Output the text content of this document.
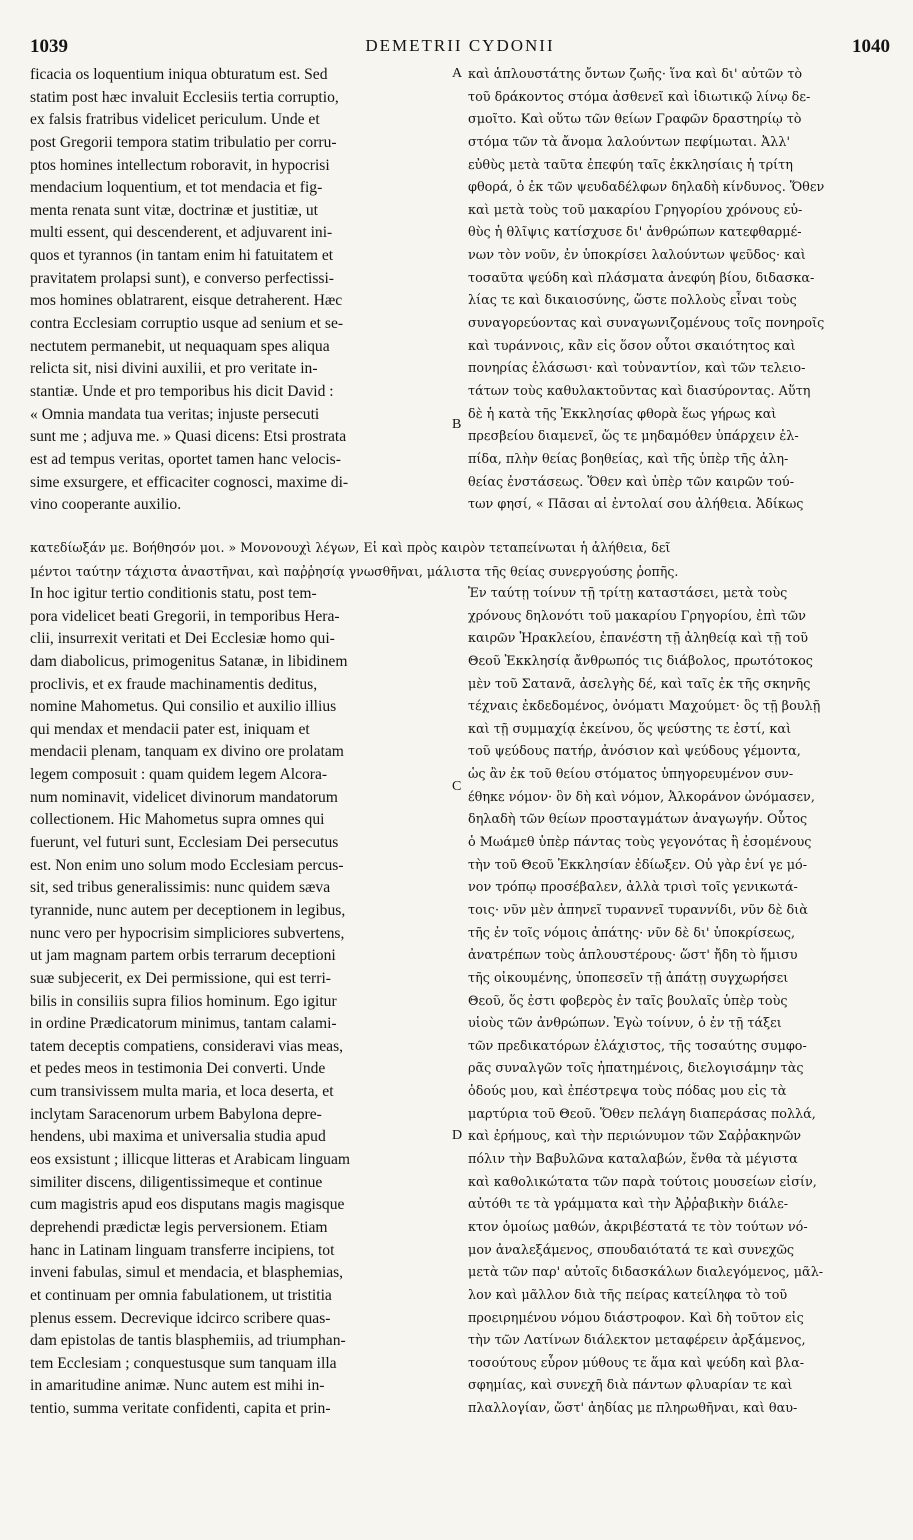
1039	DEMETRII CYDONII	1040
ficacia os loquentium iniqua obturatum est. Sed
statim post hæc invaluit Ecclesiis tertia corruptio,
ex falsis fratribus videlicet periculum. Unde et
post Gregorii tempora statim tribulatio per corru-
ptos homines intellectum roboravit, in hypocrisi
mendacium loquentium, et tot mendacia et fig-
menta renata sunt vitæ, doctrinæ et justitiæ, ut
multi essent, qui descenderent, et adjuvarent ini-
quos et tyrannos (in tantam enim hi fatuitatem et
pravitatem prolapsi sunt), e converso perfectissi-
mos homines oblatrarent, eisque detraherent. Hæc
contra Ecclesiam corruptio usque ad senium et se-
nectutem permanebit, ut nequaquam spes aliqua
relicta sit, nisi divini auxilii, et pro veritate in-
stantiæ. Unde et pro temporibus his dicit David :
« Omnia mandata tua veritas; injuste persecuti
sunt me ; adjuva me. » Quasi dicens: Etsi prostrata
est ad tempus veritas, oportet tamen hanc velocis-
sime exsurgere, et efficaciter cognosci, maxime di-
vino cooperante auxilio.
καὶ ἁπλουστάτης ὄντων ζωῆς· ἵνα καὶ δι' αὐτῶν τὸ
τοῦ δράκοντος στόμα ἀσθενεῖ καὶ ἰδιωτικῷ λίνῳ δε-
σμοῖτο. Καὶ οὕτω τῶν θείων Γραφῶν δραστηρίῳ τὸ
στόμα τῶν τὰ ἄνομα λαλούντων πεφίμωται. Ἀλλ'
εὐθὺς μετὰ ταῦτα ἐπεφύη ταῖς ἐκκλησίαις ἡ τρίτη
φθορά, ὁ ἐκ τῶν ψευδαδέλφων δηλαδὴ κίνδυνος. Ὅθεν
καὶ μετὰ τοὺς τοῦ μακαρίου Γρηγορίου χρόνους εὐ-
θὺς ἡ θλῖψις κατίσχυσε δι' ἀνθρώπων κατεφθαρμέ-
νων τὸν νοῦν, ἐν ὑποκρίσει λαλούντων ψεῦδος· καὶ
τοσαῦτα ψεύδη καὶ πλάσματα ἀνεφύη βίου, διδασκα-
λίας τε καὶ δικαιοσύνης, ὥστε πολλοὺς εἶναι τοὺς
συναγορεύοντας καὶ συναγωνιζομένους τοῖς πονηροῖς
καὶ τυράννοις, κἂν εἰς ὅσον οὗτοι σκαιότητος καὶ
πονηρίας ἐλάσωσι· καὶ τοὐναντίον, καὶ τῶν τελειο-
τάτων τοὺς καθυλακτοῦντας καὶ διασύροντας. Αὕτη
δὲ ἡ κατὰ τῆς Ἐκκλησίας φθορὰ ἕως γήρως καὶ
πρεσβείου διαμενεῖ, ὥς τε μηδαμόθεν ὑπάρχειν ἐλ-
πίδα, πλὴν θείας βοηθείας, καὶ τῆς ὑπὲρ τῆς ἀλη-
θείας ἐνστάσεως. Ὅθεν καὶ ὑπὲρ τῶν καιρῶν τού-
των φησί, « Πᾶσαι αἱ ἐντολαί σου ἀλήθεια. Ἀδίκως
A
B
C
D
κατεδίωξάν με. Βοήθησόν μοι. » Μονονουχὶ λέγων, Εἰ καὶ πρὸς καιρὸν τεταπείνωται ἡ ἀλήθεια, δεῖ
μέντοι ταύτην τάχιστα ἀναστῆναι, καὶ παῤῥησίᾳ γνωσθῆναι, μάλιστα τῆς θείας συνεργούσης ῥοπῆς.
In hoc igitur tertio conditionis statu, post tem-
pora videlicet beati Gregorii, in temporibus Hera-
clii, insurrexit veritati et Dei Ecclesiæ homo qui-
dam diabolicus, primogenitus Satanæ, in libidinem
proclivis, et ex fraude machinamentis deditus,
nomine Mahometus. Qui consilio et auxilio illius
qui mendax et mendacii pater est, iniquam et
mendacii plenam, tanquam ex divino ore prolatam
legem composuit : quam quidem legem Alcora-
num nominavit, videlicet divinorum mandatorum
collectionem. Hic Mahometus supra omnes qui
fuerunt, vel futuri sunt, Ecclesiam Dei persecutus
est. Non enim uno solum modo Ecclesiam percus-
sit, sed tribus generalissimis: nunc quidem sæva
tyrannide, nunc autem per deceptionem in legibus,
nunc vero per hypocrisim simpliciores subvertens,
ut jam magnam partem orbis terrarum deceptioni
suæ subjecerit, ex Dei permissione, qui est terri-
bilis in consiliis supra filios hominum. Ego igitur
in ordine Prædicatorum minimus, tantam calami-
tatem deceptis compatiens, consideravi vias meas,
et pedes meos in testimonia Dei converti. Unde
cum transivissem multa maria, et loca deserta, et
inclytam Saracenorum urbem Babylona depre-
hendens, ubi maxima et universalia studia apud
eos exsistunt ; illicque litteras et Arabicam linguam
similiter discens, diligentissimeque et continue
cum magistris apud eos disputans magis magisque
deprehendi prædictæ legis perversionem. Etiam
hanc in Latinam linguam transferre incipiens, tot
inveni fabulas, simul et mendacia, et blasphemias,
et continuam per omnia fabulationem, ut tristitia
plenus essem. Decrevique idcirco scribere quas-
dam epistolas de tantis blasphemiis, ad triumphan-
tem Ecclesiam ; conquestusque sum tanquam illa
in amaritudine animæ. Nunc autem est mihi in-
tentio, summa veritate confidenti, capita et prin-
Ἐν ταύτῃ τοίνυν τῇ τρίτῃ καταστάσει, μετὰ τοὺς
χρόνους δηλονότι τοῦ μακαρίου Γρηγορίου, ἐπὶ τῶν
καιρῶν Ἡρακλείου, ἐπανέστη τῇ ἀληθείᾳ καὶ τῇ τοῦ
Θεοῦ Ἐκκλησίᾳ ἄνθρωπός τις διάβολος, πρωτότοκος
μὲν τοῦ Σατανᾶ, ἀσελγὴς δέ, καὶ ταῖς ἐκ τῆς σκηνῆς
τέχναις ἐκδεδομένος, ὀνόματι Μαχούμετ· ὃς τῇ βουλῇ
καὶ τῇ συμμαχίᾳ ἐκείνου, ὅς ψεύστης τε ἐστί, καὶ
τοῦ ψεύδους πατήρ, ἀνόσιον καὶ ψεύδους γέμοντα,
ὡς ἂν ἐκ τοῦ θείου στόματος ὑπηγορευμένον συν-
έθηκε νόμον· ὃν δὴ καὶ νόμον, Ἀλκοράνον ὠνόμασεν,
δηλαδὴ τῶν θείων προσταγμάτων ἀναγωγήν. Οὗτος
ὁ Μωάμεθ ὑπὲρ πάντας τοὺς γεγονότας ἢ ἐσομένους
τὴν τοῦ Θεοῦ Ἐκκλησίαν ἐδίωξεν. Οὐ γὰρ ἑνί γε μό-
νον τρόπῳ προσέβαλεν, ἀλλὰ τρισὶ τοῖς γενικωτά-
τοις· νῦν μὲν ἀπηνεῖ τυραννεῖ τυραννίδι, νῦν δὲ διὰ
τῆς ἐν τοῖς νόμοις ἀπάτης· νῦν δὲ δι' ὑποκρίσεως,
ἀνατρέπων τοὺς ἁπλουστέρους· ὥστ' ἤδη τὸ ἥμισυ
τῆς οἰκουμένης, ὑποπεσεῖν τῇ ἀπάτῃ συγχωρήσει
Θεοῦ, ὅς ἐστι φοβερὸς ἐν ταῖς βουλαῖς ὑπὲρ τοὺς
υἱοὺς τῶν ἀνθρώπων. Ἐγὼ τοίνυν, ὁ ἐν τῇ τάξει
τῶν πρεδικατόρων ἐλάχιστος, τῆς τοσαύτης συμφο-
ρᾶς συναλγῶν τοῖς ἠπατημένοις, διελογισάμην τὰς
ὁδούς μου, καὶ ἐπέστρεψα τοὺς πόδας μου εἰς τὰ
μαρτύρια τοῦ Θεοῦ. Ὅθεν πελάγη διαπεράσας πολλά,
καὶ ἐρήμους, καὶ τὴν περιώνυμον τῶν Σαῤῥακηνῶν
πόλιν τὴν Βαβυλῶνα καταλαβών, ἔνθα τὰ μέγιστα
καὶ καθολικώτατα τῶν παρὰ τούτοις μουσείων εἰσίν,
αὐτόθι τε τὰ γράμματα καὶ τὴν Ἀῤῥαβικὴν διάλε-
κτον ὁμοίως μαθών, ἀκριβέστατά τε τὸν τούτων νό-
μον ἀναλεξάμενος, σπουδαιότατά τε καὶ συνεχῶς
μετὰ τῶν παρ' αὐτοῖς διδασκάλων διαλεγόμενος, μᾶλ-
λον καὶ μᾶλλον διὰ τῆς πείρας κατείληφα τὸ τοῦ
προειρημένου νόμου διάστροφον. Καὶ δὴ τοῦτον εἰς
τὴν τῶν Λατίνων διάλεκτον μεταφέρειν ἀρξάμενος,
τοσούτους εὗρον μύθους τε ἅμα καὶ ψεύδη καὶ βλα-
σφημίας, καὶ συνεχῆ διὰ πάντων φλυαρίαν τε καὶ
πλαλλογίαν, ὥστ' ἀηδίας με πληρωθῆναι, καὶ θαυ-
